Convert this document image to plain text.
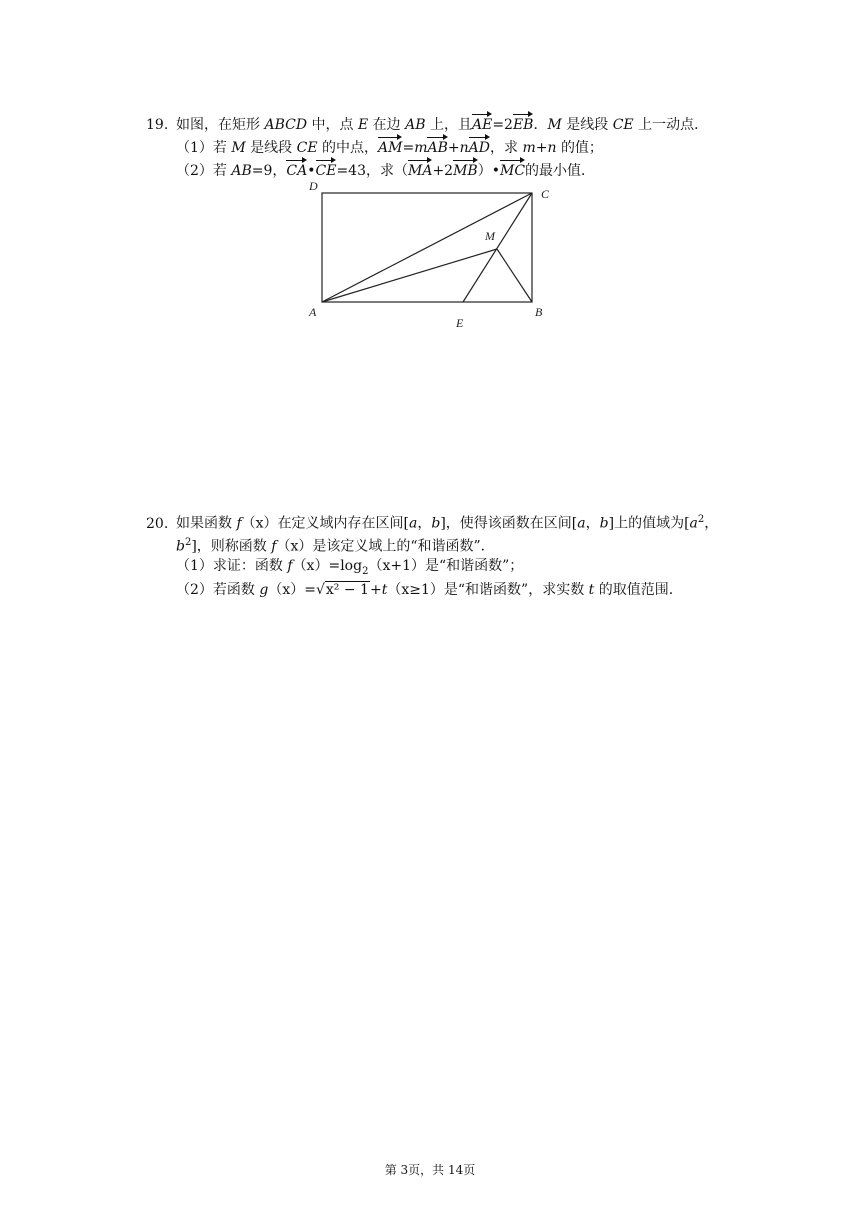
19. 如图，在矩形 ABCD 中，点 E 在边 AB 上，且AE=2EB．M 是线段 CE 上一动点．
（1）若 M 是线段 CE 的中点，AM=mAB+nAD，求 m+n 的值；
（2）若 AB=9，CA•CE=43，求（MA+2MB）•MC的最小值．
A	B
C
D
E
M
20. 如果函数 f（x）在定义域内存在区间[a，b]，使得该函数在区间[a，b]上的值域为[$a^2$，
$b^2$]，则称函数 f（x）是该定义域上的“和谐函数”．
（1）求证：函数 $f(x)=\log_2(x+1)$是“和谐函数”；
（2）若函数 g（x）=√x² − 1+t（x≥1）是“和谐函数”，求实数 t 的取值范围．
第 3页，共 14页
